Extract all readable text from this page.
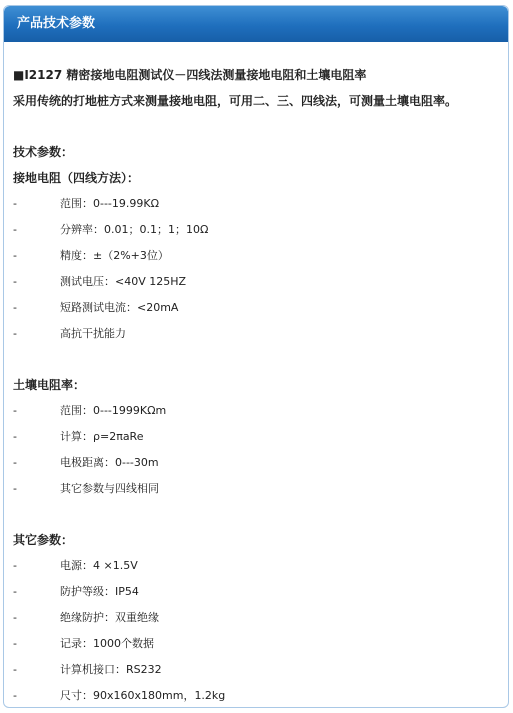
产品技术参数
■I2127 精密接地电阻测试仪－四线法测量接地电阻和土壤电阻率
采用传统的打地桩方式来测量接地电阻，可用二、三、四线法，可测量土壤电阻率。
技术参数：
接地电阻（四线方法）：
-	范围：0---19.99KΩ
-	分辨率：0.01；0.1；1；10Ω
-	精度：±（2%+3位）
-	测试电压：<40V 125HZ
-	短路测试电流：<20mA
-	高抗干扰能力
土壤电阻率：
-	范围：0---1999KΩm
-	计算：ρ=2πaRe
-	电极距离：0---30m
-	其它参数与四线相同
其它参数：
-	电源：4 ×1.5V
-	防护等级：IP54
-	绝缘防护：双重绝缘
-	记录：1000个数据
-	计算机接口：RS232
-	尺寸：90x160x180mm，1.2kg
